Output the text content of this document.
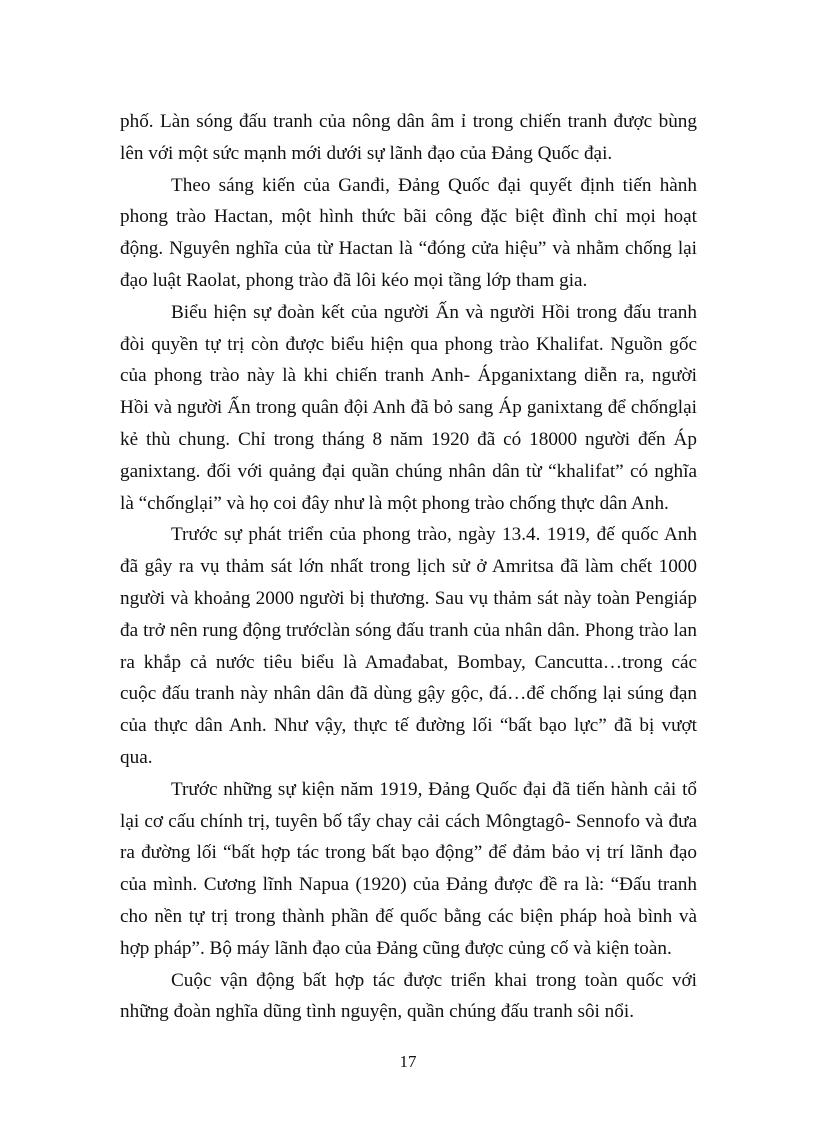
phố. Làn sóng đấu tranh của nông dân âm ỉ trong chiến tranh được bùng lên với một sức mạnh mới dưới sự lãnh đạo của Đảng Quốc đại.

Theo sáng kiến của Ganđi, Đảng Quốc đại quyết định tiến hành phong trào Hactan, một hình thức bãi công đặc biệt đình chỉ mọi hoạt động. Nguyên nghĩa của từ Hactan là “đóng cửa hiệu” và nhằm chống lại đạo luật Raolat, phong trào đã lôi kéo mọi tầng lớp tham gia.

Biểu hiện sự đoàn kết của người Ấn và người Hồi trong đấu tranh đòi quyền tự trị còn được biểu hiện qua phong trào Khalifat. Nguồn gốc của phong trào này là khi chiến tranh Anh- Ápganixtang diễn ra, người Hồi và người Ấn trong quân đội Anh đã bỏ sang Áp ganixtang để chốnglại kẻ thù chung. Chỉ trong tháng 8 năm 1920 đã có 18000 người đến Áp ganixtang. đối với quảng đại quần chúng nhân dân từ “khalifat” có nghĩa là “chốnglại” và họ coi đây như là một phong trào chống thực dân Anh.

Trước sự phát triển của phong trào, ngày 13.4. 1919, đế quốc Anh đã gây ra vụ thảm sát lớn nhất trong lịch sử ở Amritsa đã làm chết 1000 người và khoảng 2000 người bị thương. Sau vụ thảm sát này toàn Pengiáp đa trở nên rung động trướclàn sóng đấu tranh của nhân dân. Phong trào lan ra khắp cả nước tiêu biểu là Amađabat, Bombay, Cancutta…trong các cuộc đấu tranh này nhân dân đã dùng gậy gộc, đá…để chống lại súng đạn của thực dân Anh. Như vậy, thực tế đường lối “bất bạo lực” đã bị vượt qua.

Trước những sự kiện năm 1919, Đảng Quốc đại đã tiến hành cải tổ lại cơ cấu chính trị, tuyên bố tẩy chay cải cách Môngtagô- Sennofo và đưa ra đường lối “bất hợp tác trong bất bạo động” để đảm bảo vị trí lãnh đạo của mình. Cương lĩnh Napua (1920) của Đảng được đề ra là: “Đấu tranh cho nền tự trị trong thành phần đế quốc bằng các biện pháp hoà bình và hợp pháp”. Bộ máy lãnh đạo của Đảng cũng được củng cố và kiện toàn.

Cuộc vận động bất hợp tác được triển khai trong toàn quốc với những đoàn nghĩa dũng tình nguyện, quần chúng đấu tranh sôi nổi.

17
